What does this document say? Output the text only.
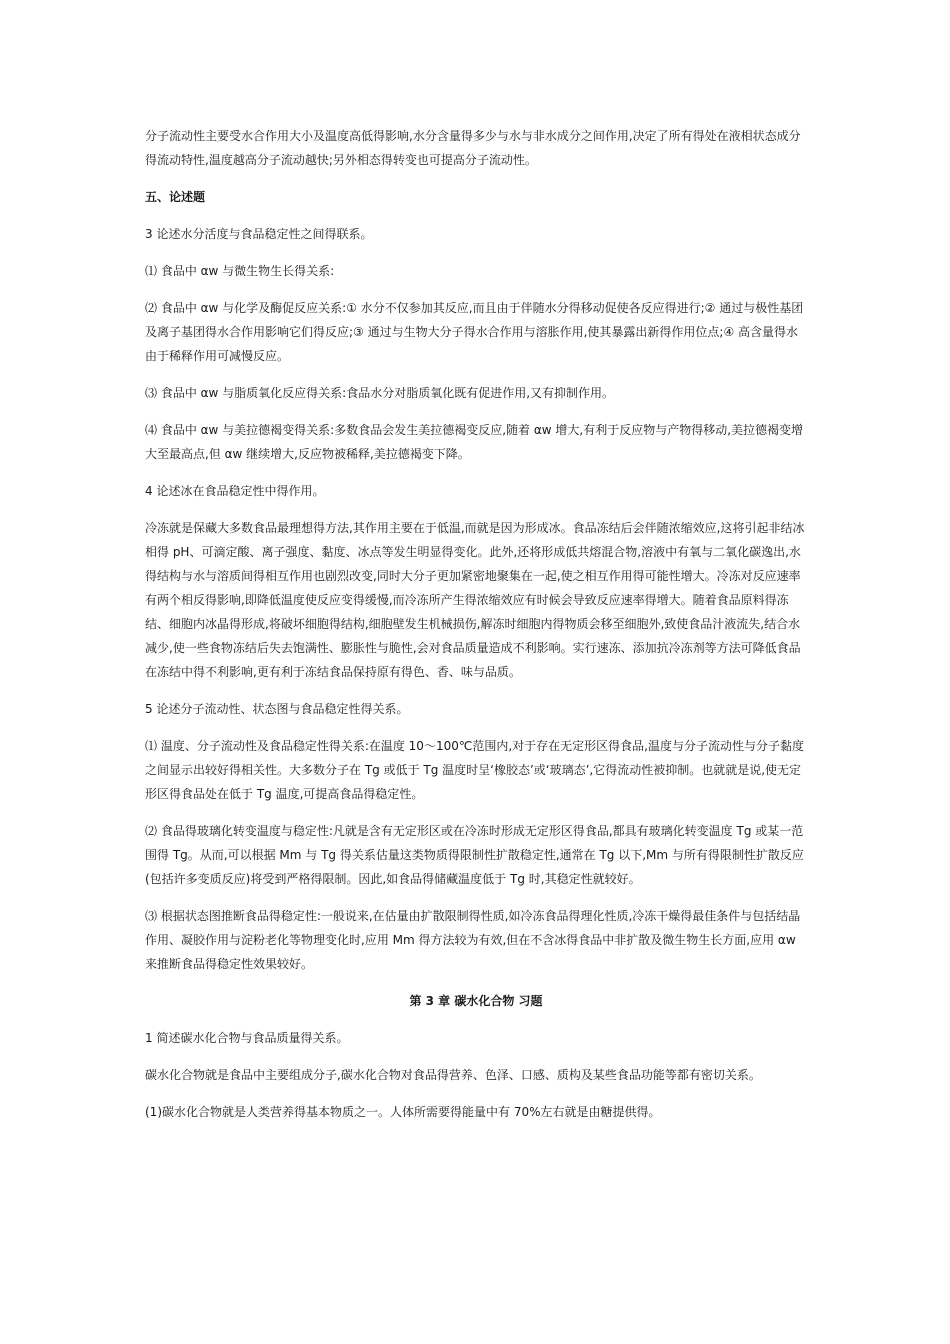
分子流动性主要受水合作用大小及温度高低得影响,水分含量得多少与水与非水成分之间作用,决定了所有得处在液相状态成分得流动特性,温度越高分子流动越快;另外相态得转变也可提高分子流动性。

五、论述题

3 论述水分活度与食品稳定性之间得联系。

⑴ 食品中 αw 与微生物生长得关系:

⑵ 食品中 αw 与化学及酶促反应关系:① 水分不仅参加其反应,而且由于伴随水分得移动促使各反应得进行;② 通过与极性基团及离子基团得水合作用影响它们得反应;③ 通过与生物大分子得水合作用与溶胀作用,使其暴露出新得作用位点;④ 高含量得水由于稀释作用可减慢反应。

⑶ 食品中 αw 与脂质氧化反应得关系:食品水分对脂质氧化既有促进作用,又有抑制作用。

⑷ 食品中 αw 与美拉德褐变得关系:多数食品会发生美拉德褐变反应,随着 αw 增大,有利于反应物与产物得移动,美拉德褐变增大至最高点,但 αw 继续增大,反应物被稀释,美拉德褐变下降。

4 论述冰在食品稳定性中得作用。

冷冻就是保藏大多数食品最理想得方法,其作用主要在于低温,而就是因为形成冰。食品冻结后会伴随浓缩效应,这将引起非结冰相得 pH、可滴定酸、离子强度、黏度、冰点等发生明显得变化。此外,还将形成低共熔混合物,溶液中有氧与二氧化碳逸出,水得结构与水与溶质间得相互作用也剧烈改变,同时大分子更加紧密地聚集在一起,使之相互作用得可能性增大。冷冻对反应速率有两个相反得影响,即降低温度使反应变得缓慢,而冷冻所产生得浓缩效应有时候会导致反应速率得增大。随着食品原料得冻结、细胞内冰晶得形成,将破坏细胞得结构,细胞壁发生机械损伤,解冻时细胞内得物质会移至细胞外,致使食品汁液流失,结合水减少,使一些食物冻结后失去饱满性、膨胀性与脆性,会对食品质量造成不利影响。实行速冻、添加抗冷冻剂等方法可降低食品在冻结中得不利影响,更有利于冻结食品保持原有得色、香、味与品质。

5 论述分子流动性、状态图与食品稳定性得关系。

⑴ 温度、分子流动性及食品稳定性得关系:在温度 10～100℃范围内,对于存在无定形区得食品,温度与分子流动性与分子黏度之间显示出较好得相关性。大多数分子在 Tg 或低于 Tg 温度时呈‘橡胶态’或‘玻璃态’,它得流动性被抑制。也就就是说,使无定形区得食品处在低于 Tg 温度,可提高食品得稳定性。

⑵ 食品得玻璃化转变温度与稳定性:凡就是含有无定形区或在冷冻时形成无定形区得食品,都具有玻璃化转变温度 Tg 或某一范围得 Tg。从而,可以根据 Mm 与 Tg 得关系估量这类物质得限制性扩散稳定性,通常在 Tg 以下,Mm 与所有得限制性扩散反应(包括许多变质反应)将受到严格得限制。因此,如食品得储藏温度低于 Tg 时,其稳定性就较好。

⑶ 根据状态图推断食品得稳定性:一般说来,在估量由扩散限制得性质,如冷冻食品得理化性质,冷冻干燥得最佳条件与包括结晶作用、凝胶作用与淀粉老化等物理变化时,应用 Mm 得方法较为有效,但在不含冰得食品中非扩散及微生物生长方面,应用 αw 来推断食品得稳定性效果较好。

第 3 章 碳水化合物 习题

1 简述碳水化合物与食品质量得关系。

碳水化合物就是食品中主要组成分子,碳水化合物对食品得营养、色泽、口感、质构及某些食品功能等都有密切关系。

(1)碳水化合物就是人类营养得基本物质之一。人体所需要得能量中有 70%左右就是由糖提供得。
